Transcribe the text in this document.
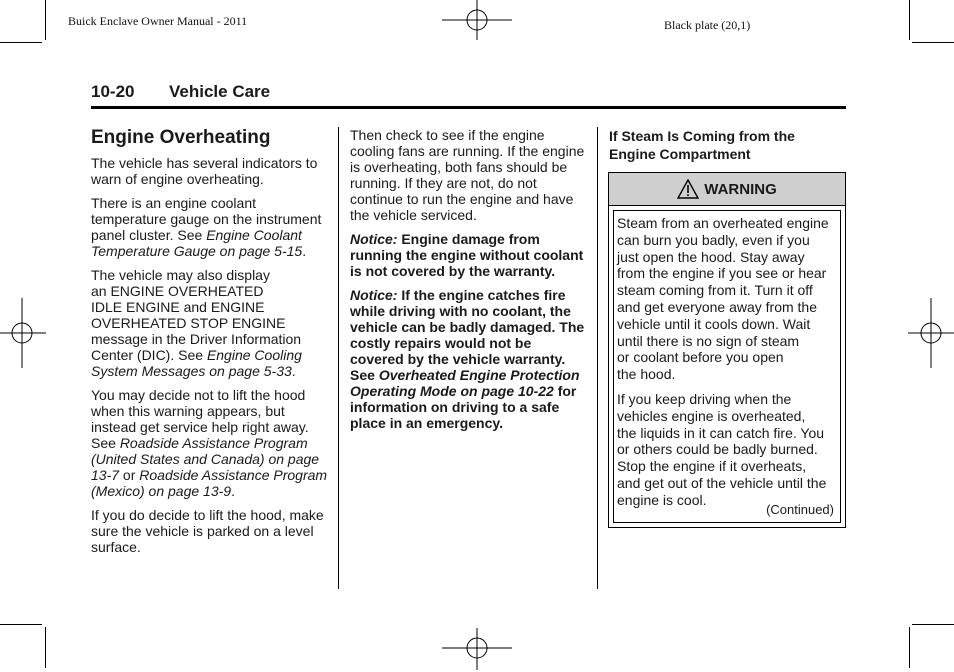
Buick Enclave Owner Manual - 2011	Black plate (20,1)
10-20 Vehicle Care
Engine Overheating

The vehicle has several indicators to warn of engine overheating.

There is an engine coolant temperature gauge on the instrument panel cluster. See Engine Coolant Temperature Gauge on page 5-15.

The vehicle may also display
an ENGINE OVERHEATED
IDLE ENGINE and ENGINE
OVERHEATED STOP ENGINE
message in the Driver Information
Center (DIC). See Engine Cooling System Messages on page 5-33.

You may decide not to lift the hood when this warning appears, but instead get service help right away. See Roadside Assistance Program (United States and Canada) on page 13-7 or Roadside Assistance Program (Mexico) on page 13-9.

If you do decide to lift the hood, make sure the vehicle is parked on a level surface.

Then check to see if the engine cooling fans are running. If the engine is overheating, both fans should be running. If they are not, do not continue to run the engine and have the vehicle serviced.

Notice: Engine damage from running the engine without coolant is not covered by the warranty.

Notice: If the engine catches fire while driving with no coolant, the vehicle can be badly damaged. The costly repairs would not be covered by the vehicle warranty. See Overheated Engine Protection Operating Mode on page 10-22 for information on driving to a safe place in an emergency.

If Steam Is Coming from the
Engine Compartment
WARNING

Steam from an overheated engine
can burn you badly, even if you
just open the hood. Stay away
from the engine if you see or hear
steam coming from it. Turn it off
and get everyone away from the
vehicle until it cools down. Wait
until there is no sign of steam
or coolant before you open
the hood.

If you keep driving when the
vehicles engine is overheated,
the liquids in it can catch fire. You
or others could be badly burned.
Stop the engine if it overheats,
and get out of the vehicle until the
engine is cool.

(Continued)
